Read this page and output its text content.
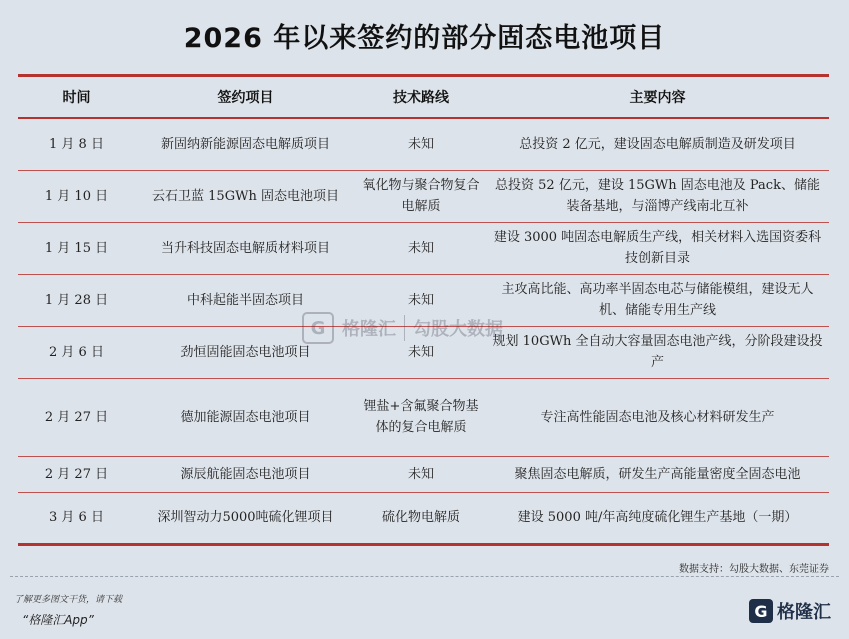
2026 年以来签约的部分固态电池项目
时间	签约项目	技术路线	主要内容
1 月 8 日	新固纳新能源固态电解质项目	未知	总投资 2 亿元，建设固态电解质制造及研发项目
1 月 10 日	云石卫蓝 15GWh 固态电池项目	氧化物与聚合物复合电解质	总投资 52 亿元，建设 15GWh 固态电池及 Pack、储能装备基地，与淄博产线南北互补
1 月 15 日	当升科技固态电解质材料项目	未知	建设 3000 吨固态电解质生产线，相关材料入选国资委科技创新目录
1 月 28 日	中科起能半固态项目	未知	主攻高比能、高功率半固态电芯与储能模组，建设无人机、储能专用生产线
2 月 6 日	劲恒固能固态电池项目	未知	规划 10GWh 全自动大容量固态电池产线，分阶段建设投产
2 月 27 日	德加能源固态电池项目	锂盐+含氟聚合物基体的复合电解质	专注高性能固态电池及核心材料研发生产
2 月 27 日	源辰航能固态电池项目	未知	聚焦固态电解质，研发生产高能量密度全固态电池
3 月 6 日	深圳智动力5000吨硫化锂项目	硫化物电解质	建设 5000 吨/年高纯度硫化锂生产基地（一期）
G 格隆汇 勾股大数据
数据支持：勾股大数据、东莞证券
了解更多图文干货，请下载
“格隆汇App”	G 格隆汇
